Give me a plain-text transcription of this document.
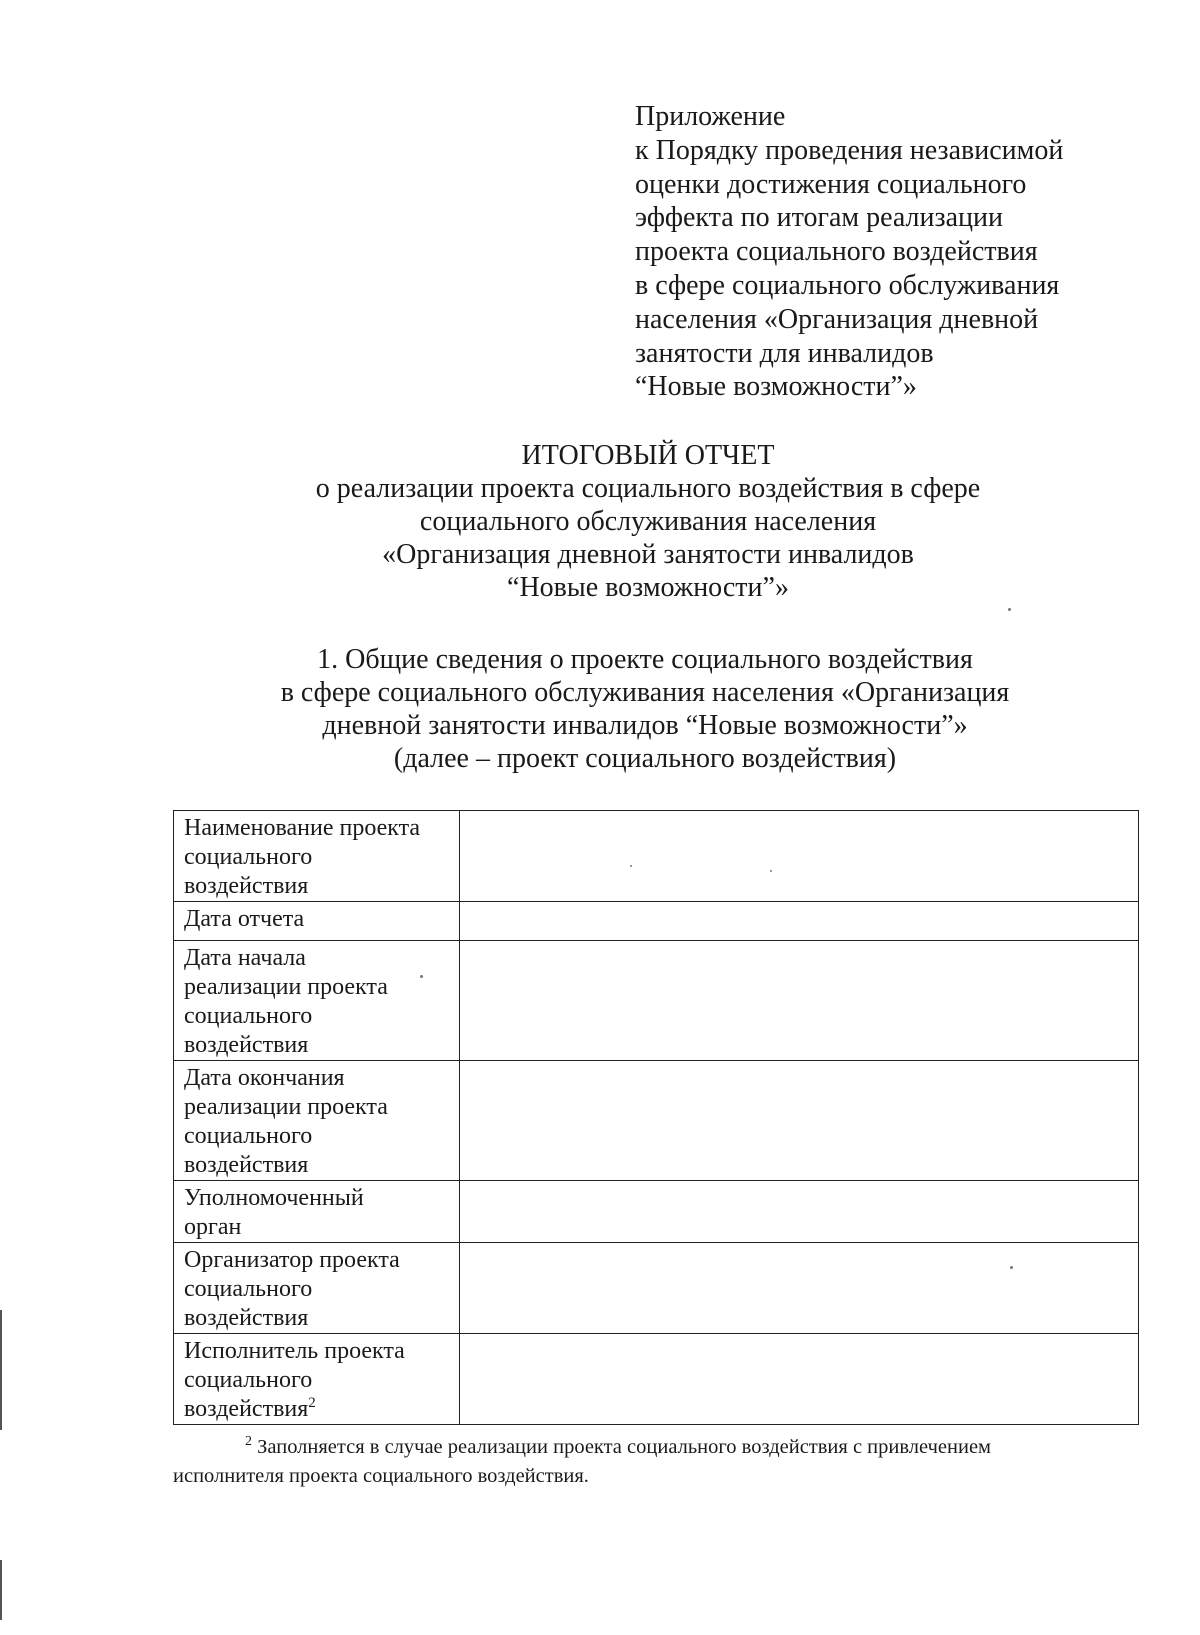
Приложение
к Порядку проведения независимой
оценки достижения социального
эффекта по итогам реализации
проекта социального воздействия
в сфере социального обслуживания
населения «Организация дневной
занятости для инвалидов
“Новые возможности”»
ИТОГОВЫЙ ОТЧЕТ
о реализации проекта социального воздействия в сфере
социального обслуживания населения
«Организация дневной занятости инвалидов
“Новые возможности”»
1. Общие сведения о проекте социального воздействия
в сфере социального обслуживания населения «Организация
дневной занятости инвалидов “Новые возможности”»
(далее – проект социального воздействия)
Наименование проекта
социального
воздействия	

Дата отчета	

Дата начала
реализации проекта
социального
воздействия	

Дата окончания
реализации проекта
социального
воздействия	

Уполномоченный
орган	

Организатор проекта
социального
воздействия	

Исполнитель проекта
социального
воздействия$^2$

$^2$ Заполняется в случае реализации проекта социального воздействия с привлечением
исполнителя проекта социального воздействия.
